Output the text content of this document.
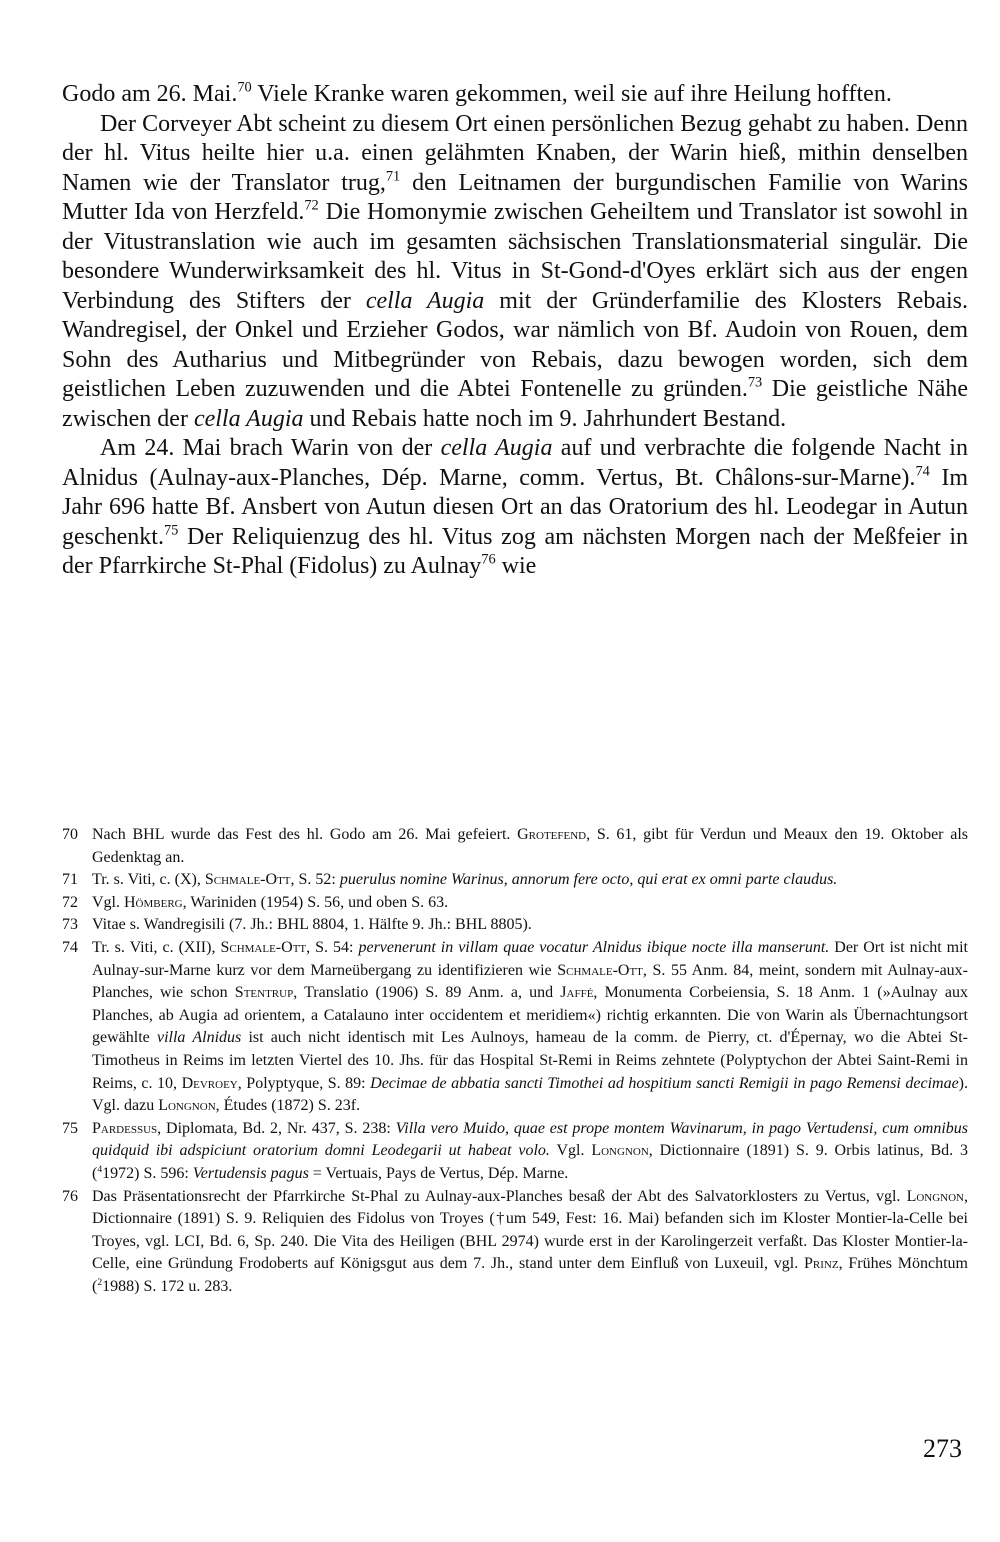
Godo am 26. Mai.$^{70}$ Viele Kranke waren gekommen, weil sie auf ihre Heilung hofften.

Der Corveyer Abt scheint zu diesem Ort einen persönlichen Bezug gehabt zu haben. Denn der hl. Vitus heilte hier u.a. einen gelähmten Knaben, der Warin hieß, mithin denselben Namen wie der Translator trug,$^{71}$ den Leitnamen der burgundischen Familie von Warins Mutter Ida von Herzfeld.$^{72}$ Die Homonymie zwischen Geheiltem und Translator ist sowohl in der Vitustranslation wie auch im gesamten sächsischen Translationsmaterial singulär. Die besondere Wunderwirksamkeit des hl. Vitus in St-Gond-d'Oyes erklärt sich aus der engen Verbindung des Stifters der cella Augia mit der Gründerfamilie des Klosters Rebais. Wandregisel, der Onkel und Erzieher Godos, war nämlich von Bf. Audoin von Rouen, dem Sohn des Autharius und Mitbegründer von Rebais, dazu bewogen worden, sich dem geistlichen Leben zuzuwenden und die Abtei Fontenelle zu gründen.$^{73}$ Die geistliche Nähe zwischen der cella Augia und Rebais hatte noch im 9. Jahrhundert Bestand.

Am 24. Mai brach Warin von der cella Augia auf und verbrachte die folgende Nacht in Alnidus (Aulnay-aux-Planches, Dép. Marne, comm. Vertus, Bt. Châlons-sur-Marne).$^{74}$ Im Jahr 696 hatte Bf. Ansbert von Autun diesen Ort an das Oratorium des hl. Leodegar in Autun geschenkt.$^{75}$ Der Reliquienzug des hl. Vitus zog am nächsten Morgen nach der Meßfeier in der Pfarrkirche St-Phal (Fidolus) zu Aulnay$^{76}$ wie

70 Nach BHL wurde das Fest des hl. Godo am 26. Mai gefeiert. Grotefend, S. 61, gibt für Verdun und Meaux den 19. Oktober als Gedenktag an.
71 Tr. s. Viti, c. (X), Schmale-Ott, S. 52: puerulus nomine Warinus, annorum fere octo, qui erat ex omni parte claudus.
72 Vgl. Hömberg, Wariniden (1954) S. 56, und oben S. 63.
73 Vitae s. Wandregisili (7. Jh.: BHL 8804, 1. Hälfte 9. Jh.: BHL 8805).
74 Tr. s. Viti, c. (XII), Schmale-Ott, S. 54: pervenerunt in villam quae vocatur Alnidus ibique nocte illa manserunt. Der Ort ist nicht mit Aulnay-sur-Marne kurz vor dem Marneübergang zu identifizieren wie Schmale-Ott, S. 55 Anm. 84, meint, sondern mit Aulnay-aux-Planches, wie schon Stentrup, Translatio (1906) S. 89 Anm. a, und Jaffé, Monumenta Corbeiensia, S. 18 Anm. 1 (»Aulnay aux Planches, ab Augia ad orientem, a Catalauno inter occidentem et meridiem«) richtig erkannten. Die von Warin als Übernachtungsort gewählte villa Alnidus ist auch nicht identisch mit Les Aulnoys, hameau de la comm. de Pierry, ct. d'Épernay, wo die Abtei St-Timotheus in Reims im letzten Viertel des 10. Jhs. für das Hospital St-Remi in Reims zehntete (Polyptychon der Abtei Saint-Remi in Reims, c. 10, Devroey, Polyptyque, S. 89: Decimae de abbatia sancti Timothei ad hospitium sancti Remigii in pago Remensi decimae). Vgl. dazu Longnon, Études (1872) S. 23f.
75 Pardessus, Diplomata, Bd. 2, Nr. 437, S. 238: Villa vero Muido, quae est prope montem Wavinarum, in pago Vertudensi, cum omnibus quidquid ibi adspiciunt oratorium domni Leodegarii ut habeat volo. Vgl. Longnon, Dictionnaire (1891) S. 9. Orbis latinus, Bd. 3 ($^4$1972) S. 596: Vertudensis pagus = Vertuais, Pays de Vertus, Dép. Marne.
76 Das Präsentationsrecht der Pfarrkirche St-Phal zu Aulnay-aux-Planches besaß der Abt des Salvatorklosters zu Vertus, vgl. Longnon, Dictionnaire (1891) S. 9. Reliquien des Fidolus von Troyes (†um 549, Fest: 16. Mai) befanden sich im Kloster Montier-la-Celle bei Troyes, vgl. LCI, Bd. 6, Sp. 240. Die Vita des Heiligen (BHL 2974) wurde erst in der Karolingerzeit verfaßt. Das Kloster Montier-la-Celle, eine Gründung Frodoberts auf Königsgut aus dem 7. Jh., stand unter dem Einfluß von Luxeuil, vgl. Prinz, Frühes Mönchtum ($^2$1988) S. 172 u. 283.
273
